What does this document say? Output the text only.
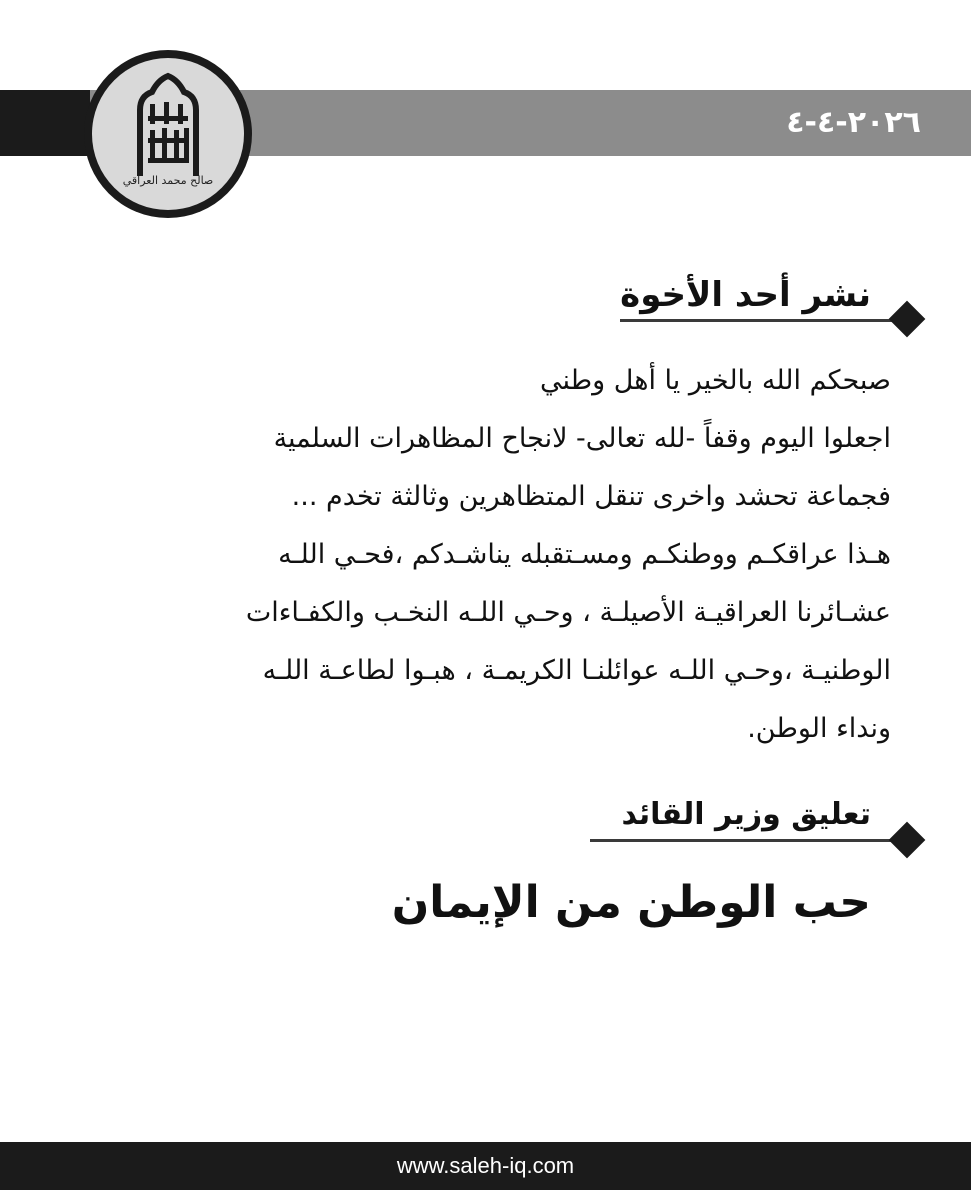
٢٠٢٦-٤-٤
صالح محمد العراقي
نشر أحد الأخوة
صبحكم الله بالخير يا أهل وطني
اجعلوا اليوم وقفاً -لله تعالى- لانجاح المظاهرات السلمية
فجماعة تحشد واخرى تنقل المتظاهرين وثالثة تخدم ...
هـذا عراقكـم ووطنكـم ومسـتقبله يناشـدكم ،فحـي اللـه
عشـائرنا العراقيـة الأصيلـة ، وحـي اللـه النخـب والكفـاءات
الوطنيـة ،وحـي اللـه عوائلنـا الكريمـة ، هبـوا لطاعـة اللـه
ونداء الوطن.
تعليق وزير القائد
حب الوطن من الإيمان
www.saleh-iq.com
